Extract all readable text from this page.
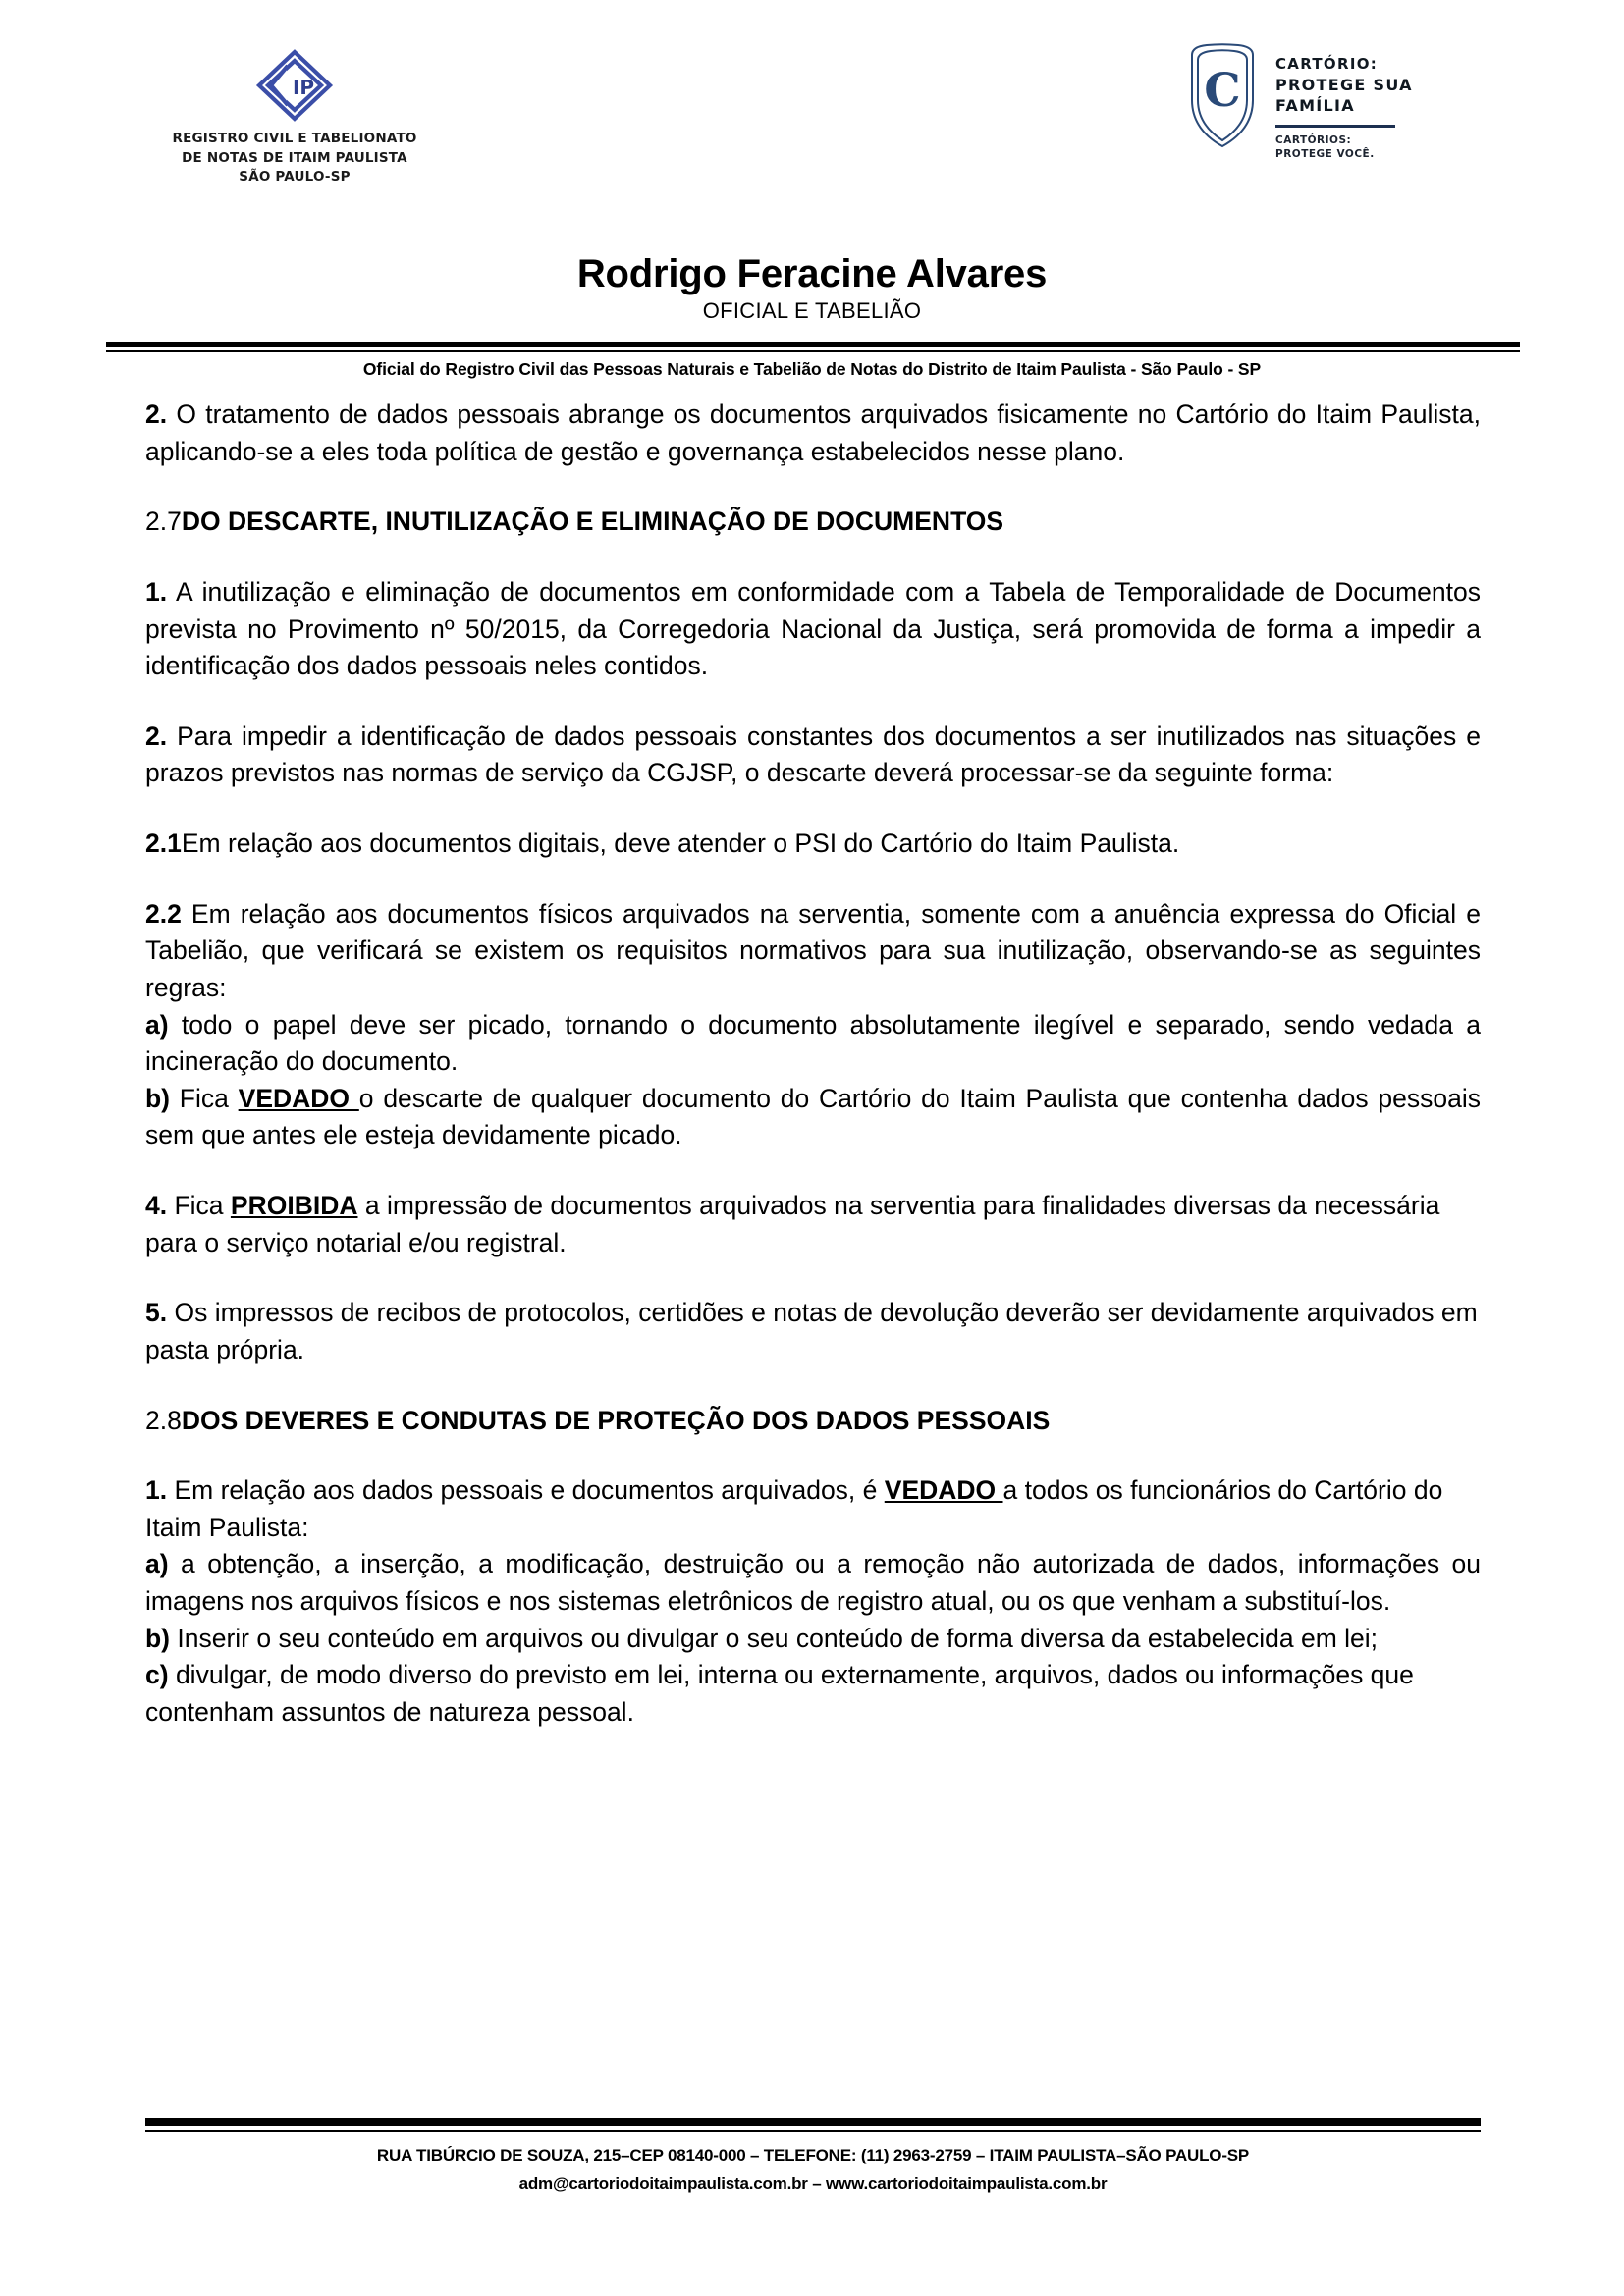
IP
REGISTRO CIVIL E TABELIONATO
DE NOTAS DE ITAIM PAULISTA
SÃO PAULO-SP
C CARTÓRIO:
PROTEGE SUA
FAMÍLIA
CARTÓRIOS:
PROTEGE VOCÊ.
Rodrigo Feracine Alvares
OFICIAL E TABELIÃO
Oficial do Registro Civil das Pessoas Naturais e Tabelião de Notas do Distrito de Itaim Paulista - São Paulo - SP

2. O tratamento de dados pessoais abrange os documentos arquivados fisicamente no Cartório do Itaim Paulista, aplicando-se a eles toda política de gestão e governança estabelecidos nesse plano.

2.7DO DESCARTE, INUTILIZAÇÃO E ELIMINAÇÃO DE DOCUMENTOS

1. A inutilização e eliminação de documentos em conformidade com a Tabela de Temporalidade de Documentos prevista no Provimento nº 50/2015, da Corregedoria Nacional da Justiça, será promovida de forma a impedir a identificação dos dados pessoais neles contidos.

2. Para impedir a identificação de dados pessoais constantes dos documentos a ser inutilizados nas situações e prazos previstos nas normas de serviço da CGJSP, o descarte deverá processar-se da seguinte forma:

2.1Em relação aos documentos digitais, deve atender o PSI do Cartório do Itaim Paulista.

2.2 Em relação aos documentos físicos arquivados na serventia, somente com a anuência expressa do Oficial e Tabelião, que verificará se existem os requisitos normativos para sua inutilização, observando-se as seguintes regras:

a) todo o papel deve ser picado, tornando o documento absolutamente ilegível e separado, sendo vedada a incineração do documento.

b) Fica VEDADO o descarte de qualquer documento do Cartório do Itaim Paulista que contenha dados pessoais sem que antes ele esteja devidamente picado.

4. Fica PROIBIDA a impressão de documentos arquivados na serventia para finalidades diversas da necessária para o serviço notarial e/ou registral.

5. Os impressos de recibos de protocolos, certidões e notas de devolução deverão ser devidamente arquivados em pasta própria.

2.8DOS DEVERES E CONDUTAS DE PROTEÇÃO DOS DADOS PESSOAIS

1. Em relação aos dados pessoais e documentos arquivados, é VEDADO a todos os funcionários do Cartório do Itaim Paulista:

a) a obtenção, a inserção, a modificação, destruição ou a remoção não autorizada de dados, informações ou imagens nos arquivos físicos e nos sistemas eletrônicos de registro atual, ou os que venham a substituí-los.

b) Inserir o seu conteúdo em arquivos ou divulgar o seu conteúdo de forma diversa da estabelecida em lei;

c) divulgar, de modo diverso do previsto em lei, interna ou externamente, arquivos, dados ou informações que contenham assuntos de natureza pessoal.

RUA TIBÚRCIO DE SOUZA, 215–CEP 08140-000 – TELEFONE: (11) 2963-2759 – ITAIM PAULISTA–SÃO PAULO-SP
adm@cartoriodoitaimpaulista.com.br – www.cartoriodoitaimpaulista.com.br
